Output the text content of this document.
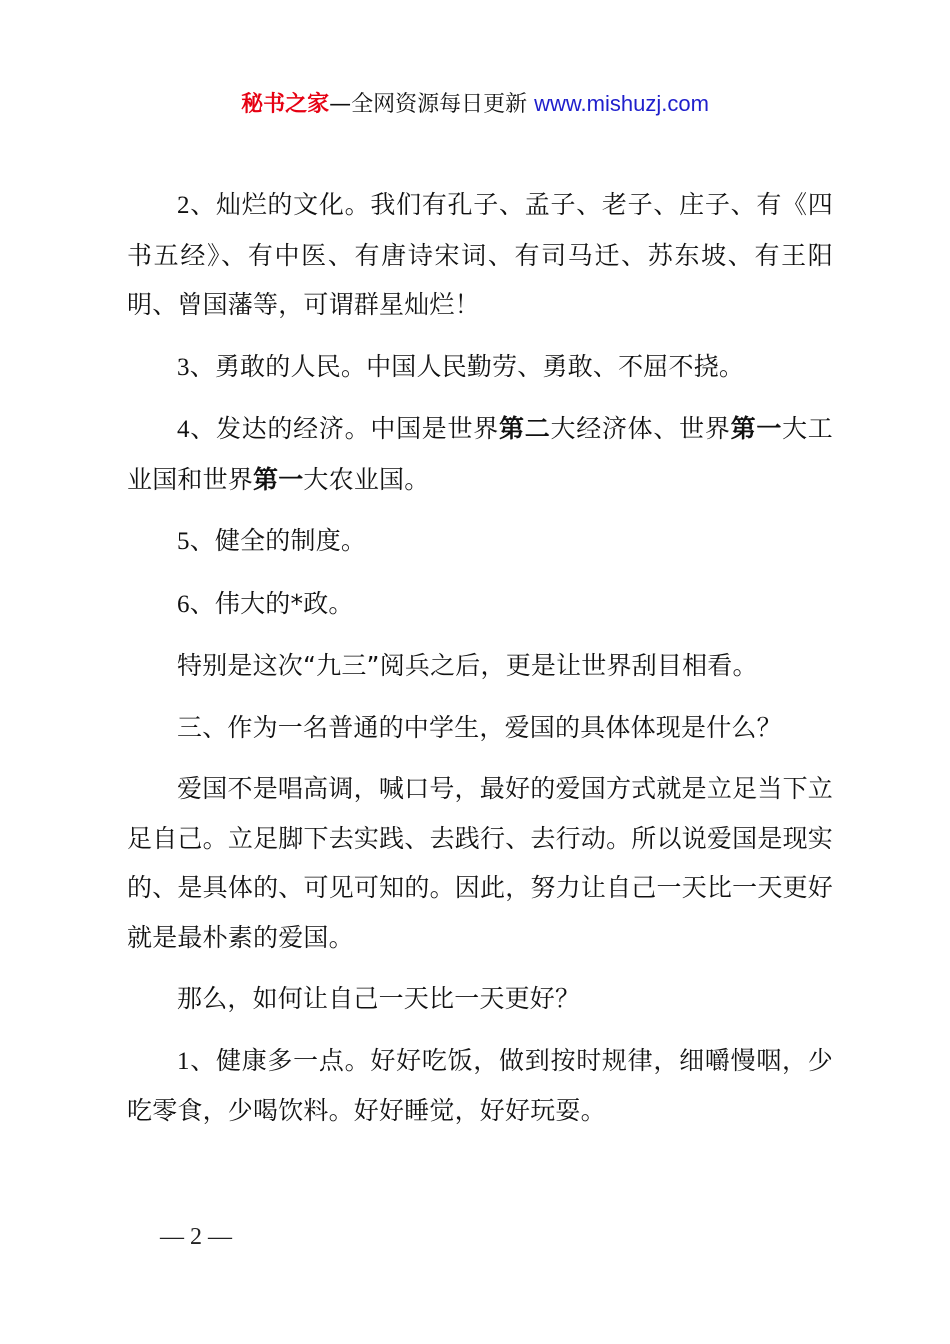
秘书之家—全网资源每日更新 www.mishuzj.com

2、灿烂的文化。我们有孔子、孟子、老子、庄子、有《四书五经》、有中医、有唐诗宋词、有司马迁、苏东坡、有王阳明、曾国藩等，可谓群星灿烂！

3、勇敢的人民。中国人民勤劳、勇敢、不屈不挠。

4、发达的经济。中国是世界第二大经济体、世界第一大工业国和世界第一大农业国。

5、健全的制度。

6、伟大的*政。

特别是这次“九三”阅兵之后，更是让世界刮目相看。

三、作为一名普通的中学生，爱国的具体体现是什么？

爱国不是唱高调，喊口号，最好的爱国方式就是立足当下立足自己。立足脚下去实践、去践行、去行动。所以说爱国是现实的、是具体的、可见可知的。因此，努力让自己一天比一天更好就是最朴素的爱国。

那么，如何让自己一天比一天更好？

1、健康多一点。好好吃饭，做到按时规律，细嚼慢咽，少吃零食，少喝饮料。好好睡觉，好好玩耍。

— 2 —
